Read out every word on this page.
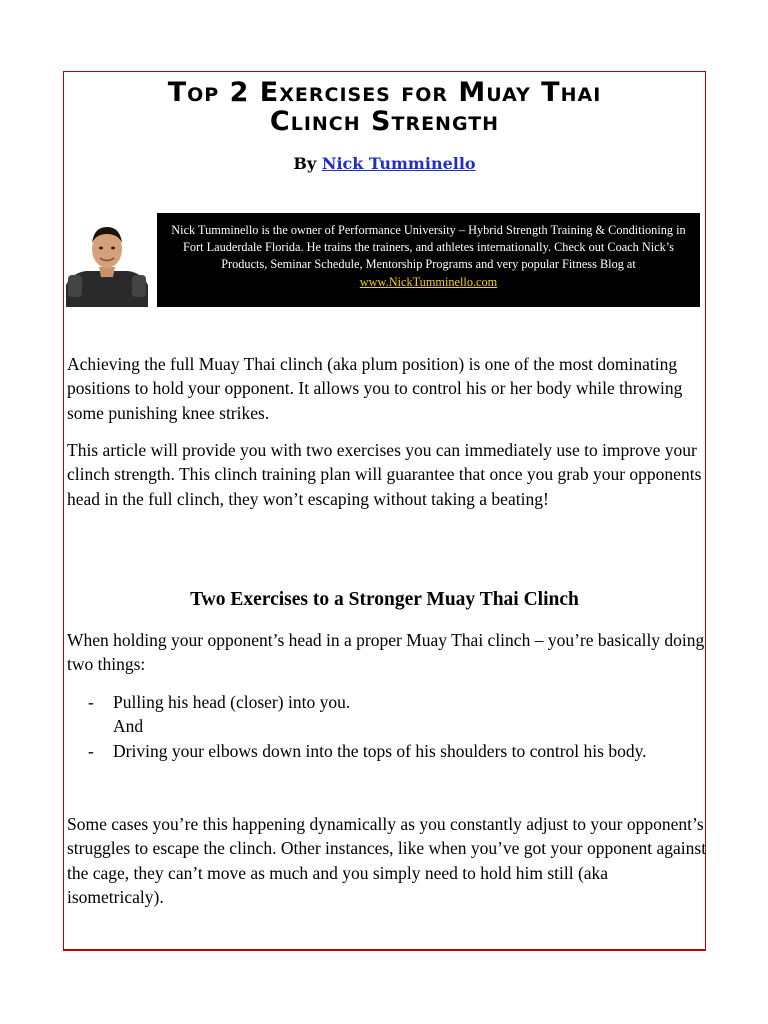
Top 2 Exercises for Muay Thai
Clinch Strength
By Nick Tumminello
Nick Tumminello is the owner of Performance University – Hybrid Strength Training & Conditioning in Fort Lauderdale Florida. He trains the trainers, and athletes internationally. Check out Coach Nick’s Products, Seminar Schedule, Mentorship Programs and very popular Fitness Blog at www.NickTumminello.com

Achieving the full Muay Thai clinch (aka plum position) is one of the most dominating positions to hold your opponent. It allows you to control his or her body while throwing some punishing knee strikes.

This article will provide you with two exercises you can immediately use to improve your clinch strength. This clinch training plan will guarantee that once you grab your opponents head in the full clinch, they won’t escaping without taking a beating!

Two Exercises to a Stronger Muay Thai Clinch

When holding your opponent’s head in a proper Muay Thai clinch – you’re basically doing two things:

- Pulling his head (closer) into you.
And
- Driving your elbows down into the tops of his shoulders to control his body.

Some cases you’re this happening dynamically as you constantly adjust to your opponent’s struggles to escape the clinch. Other instances, like when you’ve got your opponent against the cage, they can’t move as much and you simply need to hold him still (aka isometricaly).
